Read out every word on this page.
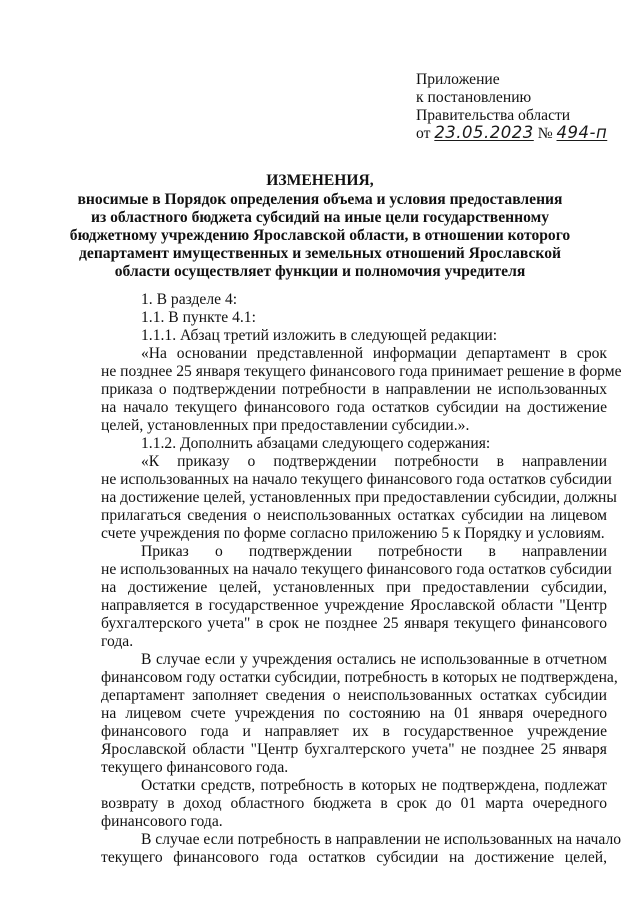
Приложение
к постановлению
Правительства области
от 23.05.2023 № 494-п
ИЗМЕНЕНИЯ,
вносимые в Порядок определения объема и условия предоставления
из областного бюджета субсидий на иные цели государственному
бюджетному учреждению Ярославской области, в отношении которого
департамент имущественных и земельных отношений Ярославской
области осуществляет функции и полномочия учредителя
1. В разделе 4:
1.1. В пункте 4.1:
1.1.1. Абзац третий изложить в следующей редакции:
«На основании представленной информации департамент в срок
не позднее 25 января текущего финансового года принимает решение в форме
приказа о подтверждении потребности в направлении не использованных
на начало текущего финансового года остатков субсидии на достижение
целей, установленных при предоставлении субсидии.».
1.1.2. Дополнить абзацами следующего содержания:
«К приказу о подтверждении потребности в направлении
не использованных на начало текущего финансового года остатков субсидии
на достижение целей, установленных при предоставлении субсидии, должны
прилагаться сведения о неиспользованных остатках субсидии на лицевом
счете учреждения по форме согласно приложению 5 к Порядку и условиям.
Приказ о подтверждении потребности в направлении
не использованных на начало текущего финансового года остатков субсидии
на достижение целей, установленных при предоставлении субсидии,
направляется в государственное учреждение Ярославской области "Центр
бухгалтерского учета" в срок не позднее 25 января текущего финансового
года.
В случае если у учреждения остались не использованные в отчетном
финансовом году остатки субсидии, потребность в которых не подтверждена,
департамент заполняет сведения о неиспользованных остатках субсидии
на лицевом счете учреждения по состоянию на 01 января очередного
финансового года и направляет их в государственное учреждение
Ярославской области "Центр бухгалтерского учета" не позднее 25 января
текущего финансового года.
Остатки средств, потребность в которых не подтверждена, подлежат
возврату в доход областного бюджета в срок до 01 марта очередного
финансового года.
В случае если потребность в направлении не использованных на начало
текущего финансового года остатков субсидии на достижение целей,
